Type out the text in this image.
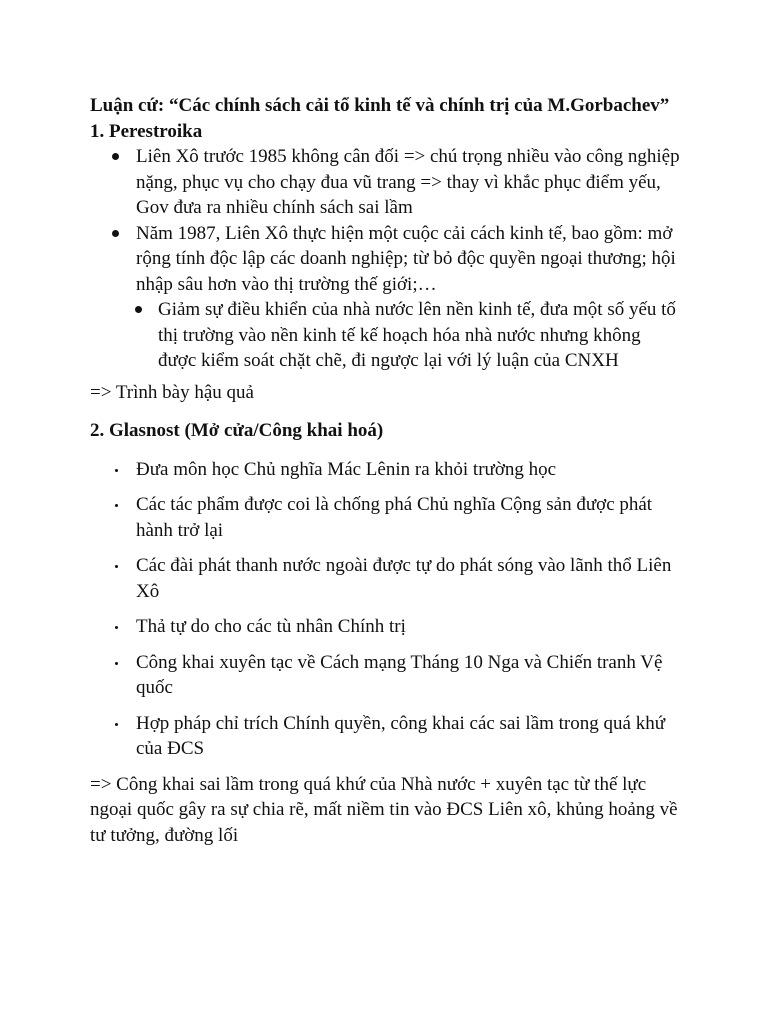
Luận cứ: “Các chính sách cải tổ kinh tế và chính trị của M.Gorbachev”

1. Perestroika

Liên Xô trước 1985 không cân đối => chú trọng nhiều vào công nghiệp nặng, phục vụ cho chạy đua vũ trang => thay vì khắc phục điểm yếu, Gov đưa ra nhiều chính sách sai lầm
Năm 1987, Liên Xô thực hiện một cuộc cải cách kinh tế, bao gồm: mở rộng tính độc lập các doanh nghiệp; từ bỏ độc quyền ngoại thương; hội nhập sâu hơn vào thị trường thế giới;…
Giảm sự điều khiển của nhà nước lên nền kinh tế, đưa một số yếu tố thị trường vào nền kinh tế kế hoạch hóa nhà nước nhưng không được kiểm soát chặt chẽ, đi ngược lại với lý luận của CNXH

=> Trình bày hậu quả

2. Glasnost (Mở cửa/Công khai hoá)

Đưa môn học Chủ nghĩa Mác Lênin ra khỏi trường học
Các tác phẩm được coi là chống phá Chủ nghĩa Cộng sản được phát hành trở lại
Các đài phát thanh nước ngoài được tự do phát sóng vào lãnh thổ Liên Xô
Thả tự do cho các tù nhân Chính trị
Công khai xuyên tạc về Cách mạng Tháng 10 Nga và Chiến tranh Vệ quốc
Hợp pháp chỉ trích Chính quyền, công khai các sai lầm trong quá khứ của ĐCS

=> Công khai sai lầm trong quá khứ của Nhà nước + xuyên tạc từ thế lực ngoại quốc gây ra sự chia rẽ, mất niềm tin vào ĐCS Liên xô, khủng hoảng về tư tưởng, đường lối
